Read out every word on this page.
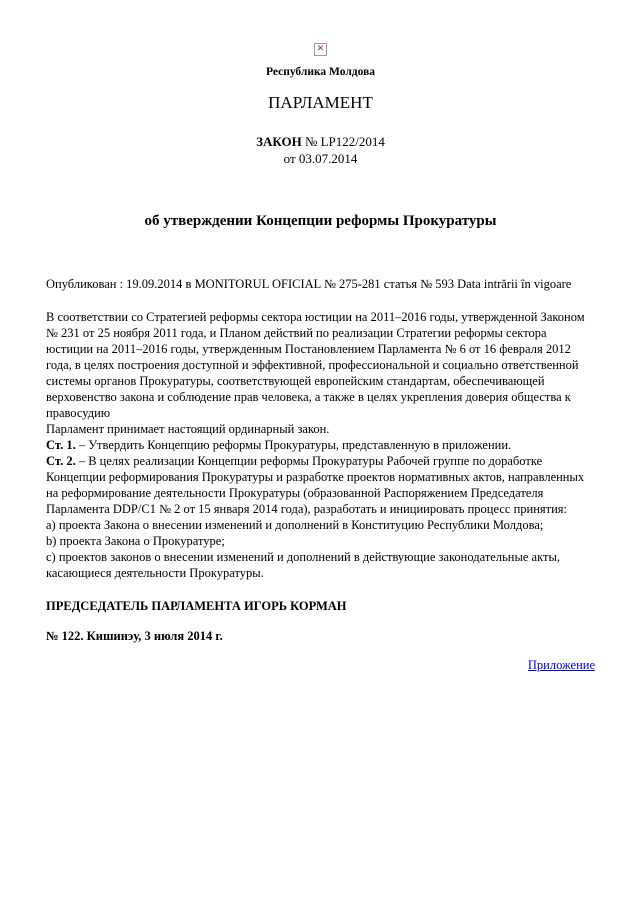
✕
Республика Молдова
ПАРЛАМЕНТ
ЗАКОН № LP122/2014
от 03.07.2014
об утверждении Концепции реформы Прокуратуры
Опубликован : 19.09.2014 в MONITORUL OFICIAL № 275-281 статья № 593 Data intrării în vigoare

В соответствии со Стратегией реформы сектора юстиции на 2011–2016 годы, утвержденной Законом № 231 от 25 ноября 2011 года, и Планом действий по реализации Стратегии реформы сектора юстиции на 2011–2016 годы, утвержденным Постановлением Парламента № 6 от 16 февраля 2012 года, в целях построения доступной и эффективной, профессиональной и социально ответственной системы органов Прокуратуры, соответствующей европейским стандартам, обеспечивающей верховенство закона и соблюдение прав человека, а также в целях укрепления доверия общества к правосудию

Парламент принимает настоящий ординарный закон.

Ст. 1. – Утвердить Концепцию реформы Прокуратуры, представленную в приложении.

Ст. 2. – В целях реализации Концепции реформы Прокуратуры Рабочей группе по доработке Концепции реформирования Прокуратуры и разработке проектов нормативных актов, направленных на реформирование деятельности Прокуратуры (образованной Распоряжением Председателя Парламента DDP/C1 № 2 от 15 января 2014 года), разработать и инициировать процесс принятия:

a) проекта Закона о внесении изменений и дополнений в Конституцию Республики Молдова;

b) проекта Закона о Прокуратуре;

c) проектов законов о внесении изменений и дополнений в действующие законодательные акты, касающиеся деятельности Прокуратуры.

ПРЕДСЕДАТЕЛЬ ПАРЛАМЕНТА ИГОРЬ КОРМАН
№ 122. Кишинэу, 3 июля 2014 г.
Приложение
